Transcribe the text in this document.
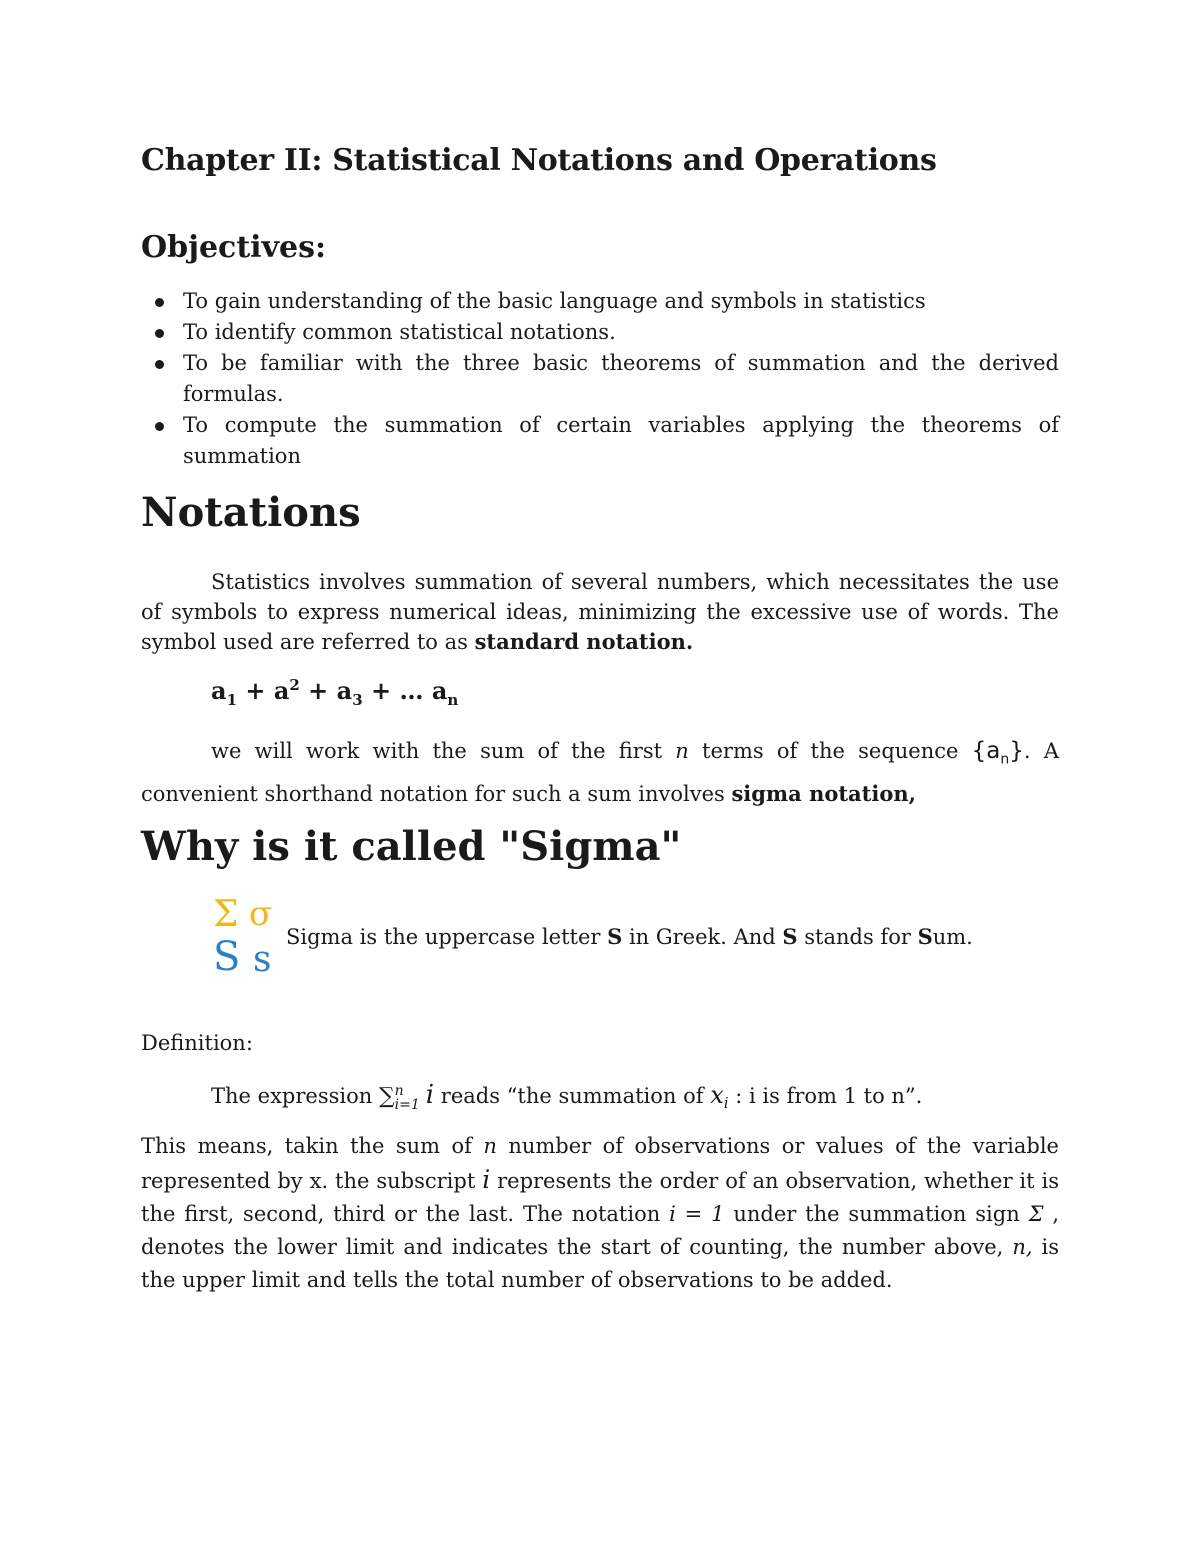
Chapter II: Statistical Notations and Operations
Objectives:
To gain understanding of the basic language and symbols in statistics
To identify common statistical notations.
To be familiar with the three basic theorems of summation and the derived formulas.
To compute the summation of certain variables applying the theorems of summation
Notations

Statistics involves summation of several numbers, which necessitates the use of symbols to express numerical ideas, minimizing the excessive use of words. The symbol used are referred to as standard notation.

$a_1 + a^2 + a_3$ + … $a_n$

we will work with the sum of the first n terms of the sequence $\{a_n\}$. A convenient shorthand notation for such a sum involves sigma notation,

Why is it called "Sigma"
Σ σ
S s
Sigma is the uppercase letter S in Greek. And S stands for Sum.
Definition:
The expression ∑ n
i=1 i reads “the summation of $x_i$ : i is from 1 to n”.

This means, takin the sum of n number of observations or values of the variable represented by x. the subscript i represents the order of an observation, whether it is the first, second, third or the last. The notation i = 1 under the summation sign Σ , denotes the lower limit and indicates the start of counting, the number above, n, is the upper limit and tells the total number of observations to be added.
